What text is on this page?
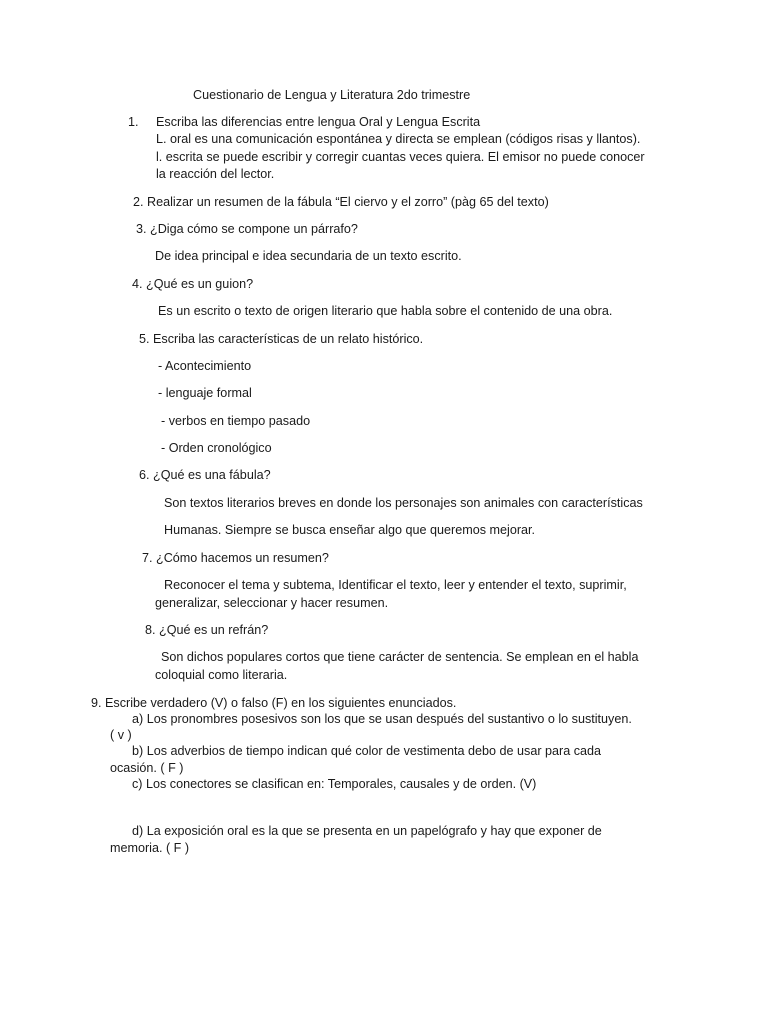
Cuestionario de Lengua y Literatura 2do trimestre
1. Escriba las diferencias entre lengua Oral y Lengua Escrita
L. oral es una comunicación espontánea y directa se emplean (códigos risas y llantos).
l. escrita se puede escribir y corregir cuantas veces quiera. El emisor no puede conocer
la reacción del lector.
2. Realizar un resumen de la fábula “El ciervo y el zorro” (pàg 65 del texto)
3. ¿Diga cómo se compone un párrafo?
De idea principal e idea secundaria de un texto escrito.
4. ¿Qué es un guion?
Es un escrito o texto de origen literario que habla sobre el contenido de una obra.
5. Escriba las características de un relato histórico.
- Acontecimiento
- lenguaje formal
- verbos en tiempo pasado
- Orden cronológico
6. ¿Qué es una fábula?
Son textos literarios breves en donde los personajes son animales con características
Humanas. Siempre se busca enseñar algo que queremos mejorar.
7. ¿Cómo hacemos un resumen?
Reconocer el tema y subtema, Identificar el texto, leer y entender el texto, suprimir,
generalizar, seleccionar y hacer resumen.
8. ¿Qué es un refrán?
Son dichos populares cortos que tiene carácter de sentencia. Se emplean en el habla
coloquial como literaria.
9. Escribe verdadero (V) o falso (F) en los siguientes enunciados.
a) Los pronombres posesivos son los que se usan después del sustantivo o lo sustituyen.
( v )
b) Los adverbios de tiempo indican qué color de vestimenta debo de usar para cada
ocasión. ( F )
c) Los conectores se clasifican en: Temporales, causales y de orden. (V)
d) La exposición oral es la que se presenta en un papelógrafo y hay que exponer de
memoria. ( F )
